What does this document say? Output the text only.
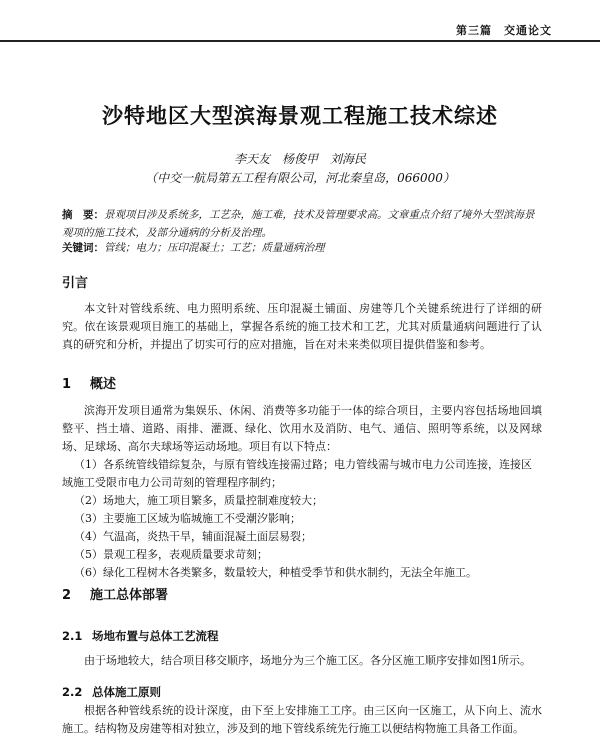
第三篇　交通论文
沙特地区大型滨海景观工程施工技术综述
李天友　杨俊甲　刘海民
（中交一航局第五工程有限公司，河北秦皇岛，066000）
摘　要：景观项目涉及系统多，工艺杂，施工难，技术及管理要求高。文章重点介绍了境外大型滨海景观项的施工技术，及部分通病的分析及治理。
关键词：管线；电力；压印混凝土；工艺；质量通病治理
引言
本文针对管线系统、电力照明系统、压印混凝土铺面、房建等几个关键系统进行了详细的研究。依在该景观项目施工的基础上，掌握各系统的施工技术和工艺，尤其对质量通病问题进行了认真的研究和分析，并提出了切实可行的应对措施，旨在对未来类似项目提供借鉴和参考。
1 概述
滨海开发项目通常为集娱乐、休闲、消费等多功能于一体的综合项目，主要内容包括场地回填整平、挡土墙、道路、雨排、灌溉、绿化、饮用水及消防、电气、通信、照明等系统，以及网球场、足球场、高尔夫球场等运动场地。项目有以下特点：
（1）各系统管线错综复杂，与原有管线连接需过路；电力管线需与城市电力公司连接，连接区域施工受限市电力公司苛刻的管理程序制约；
（2）场地大，施工项目繁多，质量控制难度较大；
（3）主要施工区域为临城施工不受潮汐影响；
（4）气温高，炎热干旱，辅面混凝土面层易裂；
（5）景观工程多，表观质量要求苛刻；
（6）绿化工程树木各类繁多，数量较大，种植受季节和供水制约，无法全年施工。
2 施工总体部署
2.1 场地布置与总体工艺流程
由于场地较大，结合项目移交顺序，场地分为三个施工区。各分区施工顺序安排如图1所示。
2.2 总体施工原则
根据各种管线系统的设计深度，由下至上安排施工工序。由三区向一区施工，从下向上、流水施工。结构物及房建等相对独立，涉及到的地下管线系统先行施工以便结构物施工具备工作面。
